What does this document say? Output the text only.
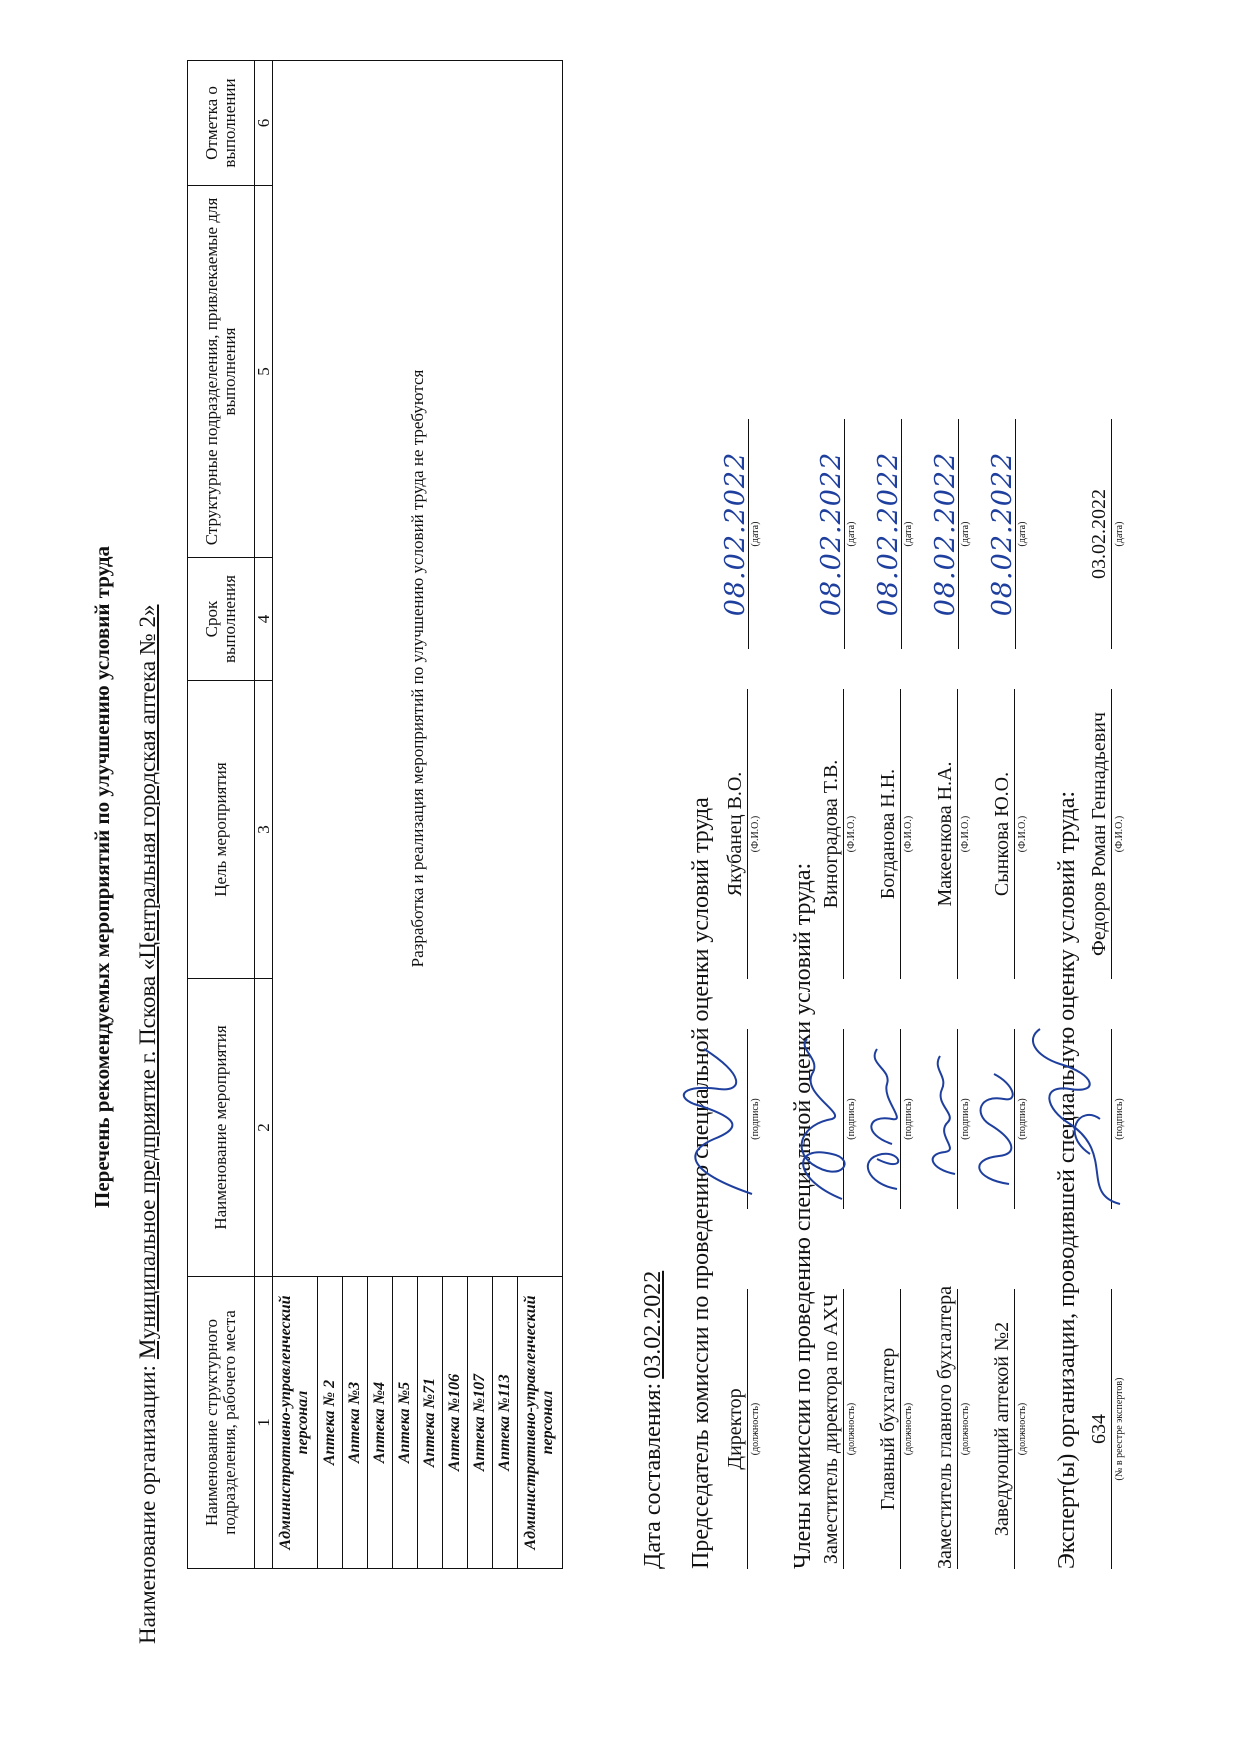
Перечень рекомендуемых мероприятий по улучшению условий труда
Наименование организации:Муниципальное предприятие г. Пскова «Центральная городская аптека № 2»
Наименование структурного подразделения, рабочего места	Наименование мероприятия	Цель мероприятия	Срок выполнения	Структурные подразделения, привлекаемые для выполнения	Отметка о выполнении
1	2	3	4	5	6
Административно-управленческий персонал	Разработка и реализация мероприятий по улучшению условий труда не требуются				
Аптека № 2					
Аптека №3					
Аптека №4					
Аптека №5					
Аптека №71					
Аптека №106					
Аптека №107					
Аптека №113					
Административно-управленческий персонал						Дата составления:03.02.2022 Председатель комиссии по проведению специальной оценки условий труда Директор (должность)
(подпись)
Якубанец В.О. (Ф.И.О.)
08.02.2022 (дата)
Члены комиссии по проведению специальной оценки условий труда: Заместитель директора по АХЧ (должность)
(подпись)
Виноградова Т.В. (Ф.И.О.)
08.02.2022 (дата)
Главный бухгалтер (должность)
(подпись)
Богданова Н.Н. (Ф.И.О.)
08.02.2022 (дата)
Заместитель главного бухгалтера (должность)
(подпись)
Макеенкова Н.А. (Ф.И.О.)
08.02.2022 (дата)
Заведующий аптекой №2 (должность)
(подпись)
Сынкова Ю.О. (Ф.И.О.)
08.02.2022 (дата)
Эксперт(ы) организации, проводившей специальную оценку условий труда: 634 (№ в реестре экспертов)
(подпись)
Федоров Роман Геннадьевич (Ф.И.О.)
03.02.2022 (дата)
